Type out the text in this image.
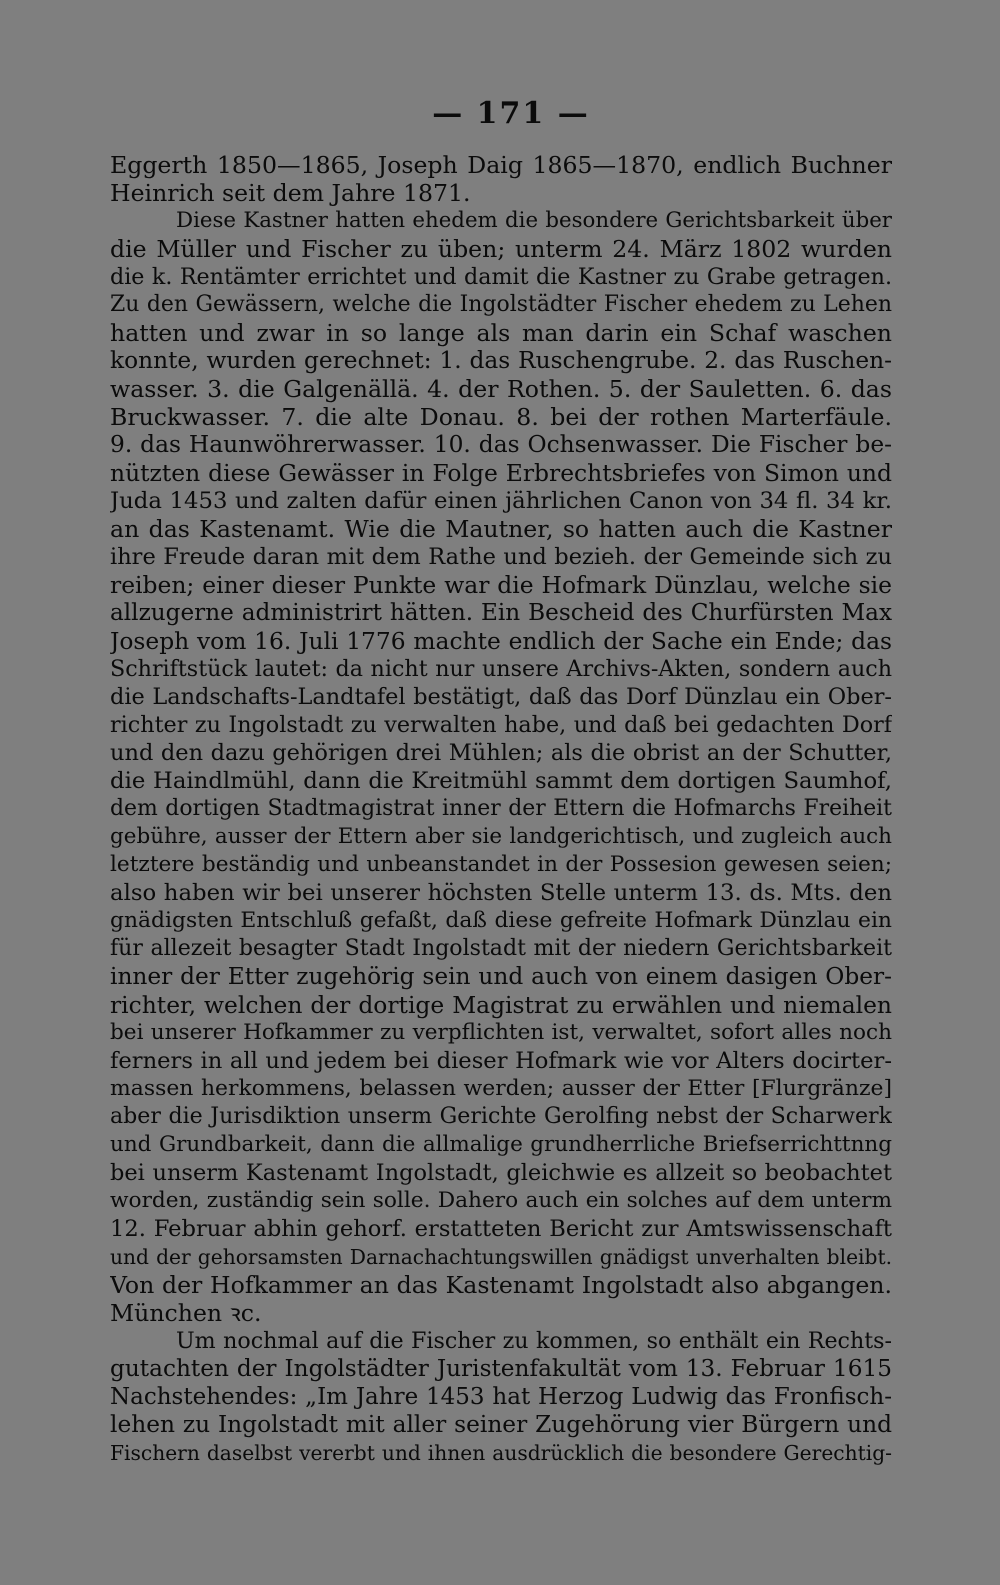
— 171 —
Eggerth 1850—1865, Joseph Daig 1865—1870, endlich Buchner
Heinrich seit dem Jahre 1871.
Diese Kastner hatten ehedem die besondere Gerichtsbarkeit über
die Müller und Fischer zu üben; unterm 24. März 1802 wurden
die k. Rentämter errichtet und damit die Kastner zu Grabe getragen.
Zu den Gewässern, welche die Ingolstädter Fischer ehedem zu Lehen
hatten und zwar in so lange als man darin ein Schaf waschen
konnte, wurden gerechnet: 1. das Ruschengrube. 2. das Ruschen-
wasser. 3. die Galgenällä. 4. der Rothen. 5. der Sauletten. 6. das
Bruckwasser. 7. die alte Donau. 8. bei der rothen Marterfäule.
9. das Haunwöhrerwasser. 10. das Ochsenwasser. Die Fischer be-
nützten diese Gewässer in Folge Erbrechtsbriefes von Simon und
Juda 1453 und zalten dafür einen jährlichen Canon von 34 fl. 34 kr.
an das Kastenamt. Wie die Mautner, so hatten auch die Kastner
ihre Freude daran mit dem Rathe und bezieh. der Gemeinde sich zu
reiben; einer dieser Punkte war die Hofmark Dünzlau, welche sie
allzugerne administrirt hätten. Ein Bescheid des Churfürsten Max
Joseph vom 16. Juli 1776 machte endlich der Sache ein Ende; das
Schriftstück lautet: da nicht nur unsere Archivs-Akten, sondern auch
die Landschafts-Landtafel bestätigt, daß das Dorf Dünzlau ein Ober-
richter zu Ingolstadt zu verwalten habe, und daß bei gedachten Dorf
und den dazu gehörigen drei Mühlen; als die obrist an der Schutter,
die Haindlmühl, dann die Kreitmühl sammt dem dortigen Saumhof,
dem dortigen Stadtmagistrat inner der Ettern die Hofmarchs Freiheit
gebühre, ausser der Ettern aber sie landgerichtisch, und zugleich auch
letztere beständig und unbeanstandet in der Possesion gewesen seien;
also haben wir bei unserer höchsten Stelle unterm 13. ds. Mts. den
gnädigsten Entschluß gefaßt, daß diese gefreite Hofmark Dünzlau ein
für allezeit besagter Stadt Ingolstadt mit der niedern Gerichtsbarkeit
inner der Etter zugehörig sein und auch von einem dasigen Ober-
richter, welchen der dortige Magistrat zu erwählen und niemalen
bei unserer Hofkammer zu verpflichten ist, verwaltet, sofort alles noch
ferners in all und jedem bei dieser Hofmark wie vor Alters docirter-
massen herkommens, belassen werden; ausser der Etter [Flurgränze]
aber die Jurisdiktion unserm Gerichte Gerolfing nebst der Scharwerk
und Grundbarkeit, dann die allmalige grundherrliche Briefserrichttnng
bei unserm Kastenamt Ingolstadt, gleichwie es allzeit so beobachtet
worden, zuständig sein solle. Dahero auch ein solches auf dem unterm
12. Februar abhin gehorf. erstatteten Bericht zur Amtswissenschaft
und der gehorsamsten Darnachachtungswillen gnädigst unverhalten bleibt.
Von der Hofkammer an das Kastenamt Ingolstadt also abgangen.
München ꝛc.
Um nochmal auf die Fischer zu kommen, so enthält ein Rechts-
gutachten der Ingolstädter Juristenfakultät vom 13. Februar 1615
Nachstehendes: „Im Jahre 1453 hat Herzog Ludwig das Fronfisch-
lehen zu Ingolstadt mit aller seiner Zugehörung vier Bürgern und
Fischern daselbst vererbt und ihnen ausdrücklich die besondere Gerechtig-
